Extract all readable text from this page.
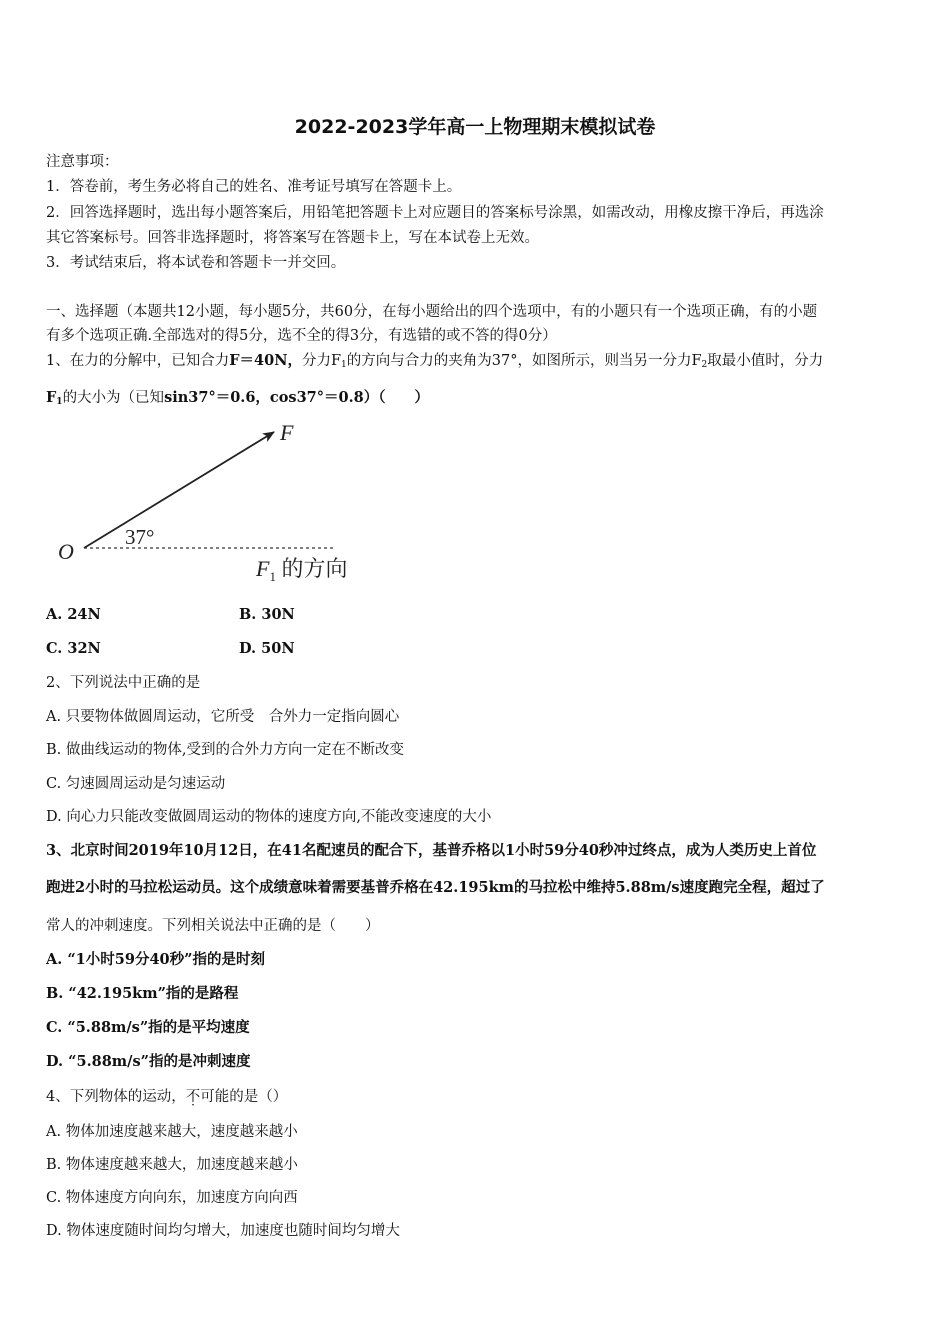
2022-2023学年高一上物理期末模拟试卷
注意事项：
1．答卷前，考生务必将自己的姓名、准考证号填写在答题卡上。
2．回答选择题时，选出每小题答案后，用铅笔把答题卡上对应题目的答案标号涂黑，如需改动，用橡皮擦干净后，再选涂
其它答案标号。回答非选择题时，将答案写在答题卡上，写在本试卷上无效。
3．考试结束后，将本试卷和答题卡一并交回。
一、选择题（本题共12小题，每小题5分，共60分，在每小题给出的四个选项中，有的小题只有一个选项正确，有的小题
有多个选项正确.全部选对的得5分，选不全的得3分，有选错的或不答的得0分）
1、在力的分解中，已知合力F＝40N，分力$F_1$的方向与合力的夹角为37°，如图所示，则当另一分力$F_2$取最小值时，分力
$F_1$的大小为（已知sin37°＝0.6，cos37°＝0.8）（　　）
F
O
37°
$F_1$ 的方向
A. 24N	B. 30N
C. 32N	D. 50N
2、下列说法中正确的是
A. 只要物体做圆周运动，它所受　合外力一定指向圆心
B. 做曲线运动的物体,受到的合外力方向一定在不断改变
C. 匀速圆周运动是匀速运动
D. 向心力只能改变做圆周运动的物体的速度方向,不能改变速度的大小
3、北京时间2019年10月12日，在41名配速员的配合下，基普乔格以1小时59分40秒冲过终点，成为人类历史上首位
跑进2小时的马拉松运动员。这个成绩意味着需要基普乔格在42.195km的马拉松中维持5.88m/s速度跑完全程，超过了
常人的冲刺速度。下列相关说法中正确的是（　　）
A. “1小时59分40秒”指的是时刻
B. “42.195km”指的是路程
C. “5.88m/s”指的是平均速度
D. “5.88m/s”指的是冲刺速度
4、下列物体的运动，不可能的是（）
A. 物体加速度越来越大，速度越来越小
B. 物体速度越来越大，加速度越来越小
C. 物体速度方向向东，加速度方向向西
D. 物体速度随时间均匀增大，加速度也随时间均匀增大
